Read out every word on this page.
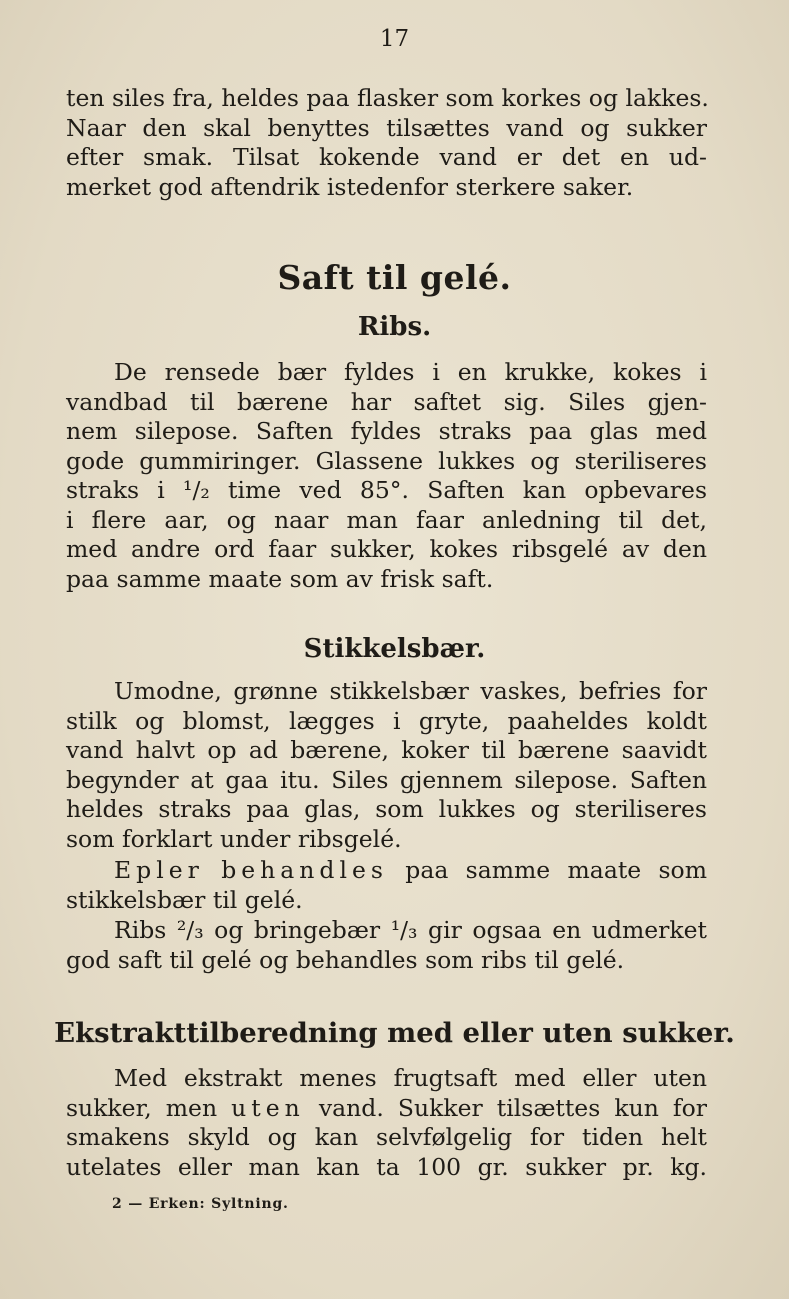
17
ten siles fra, heldes paa flasker som korkes og lakkes.
Naar den skal benyttes tilsættes vand og sukker
efter smak. Tilsat kokende vand er det en ud-
merket god aftendrik istedenfor sterkere saker.
Saft til gelé.
Ribs.
De rensede bær fyldes i en krukke, kokes i
vandbad til bærene har saftet sig. Siles gjen-
nem silepose. Saften fyldes straks paa glas med
gode gummiringer. Glassene lukkes og steriliseres
straks i ¹/₂ time ved 85°. Saften kan opbevares
i flere aar, og naar man faar anledning til det,
med andre ord faar sukker, kokes ribsgelé av den
paa samme maate som av frisk saft.
Stikkelsbær.
Umodne, grønne stikkelsbær vaskes, befries for
stilk og blomst, lægges i gryte, paaheldes koldt
vand halvt op ad bærene, koker til bærene saavidt
begynder at gaa itu. Siles gjennem silepose. Saften
heldes straks paa glas, som lukkes og steriliseres
som forklart under ribsgelé.
Epler behandles paa samme maate som
stikkelsbær til gelé.
Ribs ²/₃ og bringebær ¹/₃ gir ogsaa en udmerket
god saft til gelé og behandles som ribs til gelé.
Ekstrakttilberedning med eller uten sukker.
Med ekstrakt menes frugtsaft med eller uten
sukker, men uten vand. Sukker tilsættes kun for
smakens skyld og kan selvfølgelig for tiden helt
utelates eller man kan ta 100 gr. sukker pr. kg.
2 — Erken: Syltning.
